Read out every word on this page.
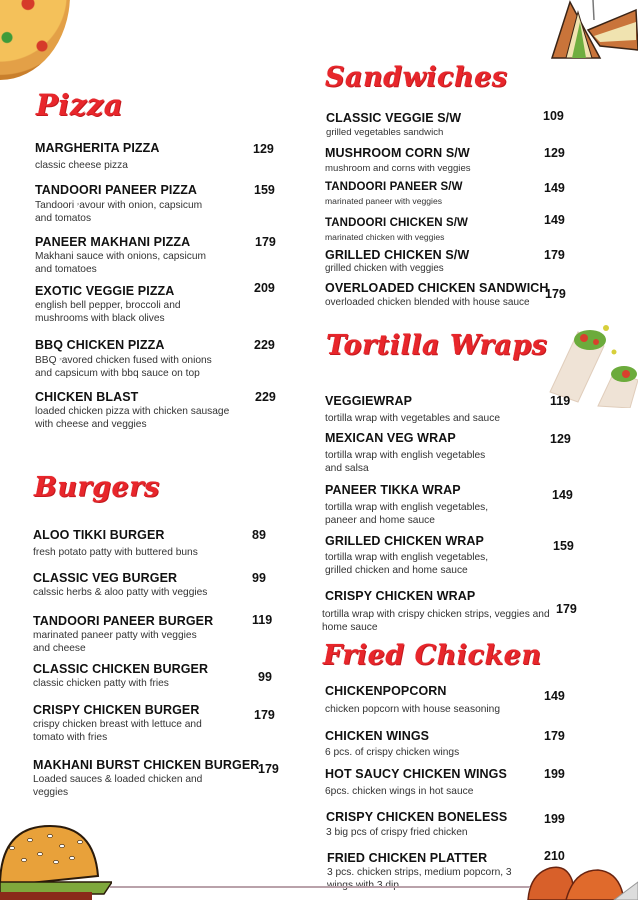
Pizza
MARGHERITA PIZZA
classic cheese pizza
129
TANDOORI PANEER PIZZA
Tandoori ⸗avour with onion, capsicum
and tomatos
159
PANEER MAKHANI PIZZA
Makhani sauce with onions, capsicum
and tomatoes
179
EXOTIC VEGGIE PIZZA
english bell pepper, broccoli and
mushrooms with black olives
209
BBQ CHICKEN PIZZA
BBQ ⸗avored chicken fused with onions
and capsicum with bbq sauce on top
229
CHICKEN BLAST
loaded chicken pizza with chicken sausage
with cheese and veggies
229
Burgers
ALOO TIKKI BURGER
fresh potato patty with buttered buns
89
CLASSIC VEG BURGER
calssic herbs & aloo patty with veggies
99
TANDOORI PANEER BURGER
marinated paneer patty with veggies
and cheese
119
CLASSIC CHICKEN BURGER
classic chicken patty with fries	99
CRISPY CHICKEN BURGER
crispy chicken breast with lettuce and
tomato with fries
179
MAKHANI BURST CHICKEN BURGER
Loaded sauces & loaded chicken and
veggies
179
Sandwiches
CLASSIC VEGGIE S/W
grilled vegetables sandwich
109
MUSHROOM CORN S/W
mushroom and corns with veggies
129
TANDOORI PANEER S/W
marinated paneer with veggies
149
TANDOORI CHICKEN S/W
marinated chicken with veggies
149
GRILLED CHICKEN S/W
grilled chicken with veggies
179
OVERLOADED CHICKEN SANDWICH
overloaded chicken blended with house sauce
179
Tortilla Wraps
VEGGIEWRAP
tortilla wrap with vegetables and sauce
119
MEXICAN VEG WRAP
tortilla wrap with english vegetables
and salsa
129
PANEER TIKKA WRAP
tortilla wrap with english vegetables,
paneer and home sauce
149
GRILLED CHICKEN WRAP
tortilla wrap with english vegetables,
grilled chicken and home sauce
159
CRISPY CHICKEN WRAP
tortilla wrap with crispy chicken strips, veggies and
home sauce
179
Fried Chicken
CHICKENPOPCORN
chicken popcorn with house seasoning
149
CHICKEN WINGS
6 pcs. of crispy chicken wings
179
HOT SAUCY CHICKEN WINGS
6pcs. chicken wings in hot sauce
199
CRISPY CHICKEN BONELESS
3 big pcs of crispy fried chicken
199
FRIED CHICKEN PLATTER
3 pcs. chicken strips, medium popcorn, 3
210
